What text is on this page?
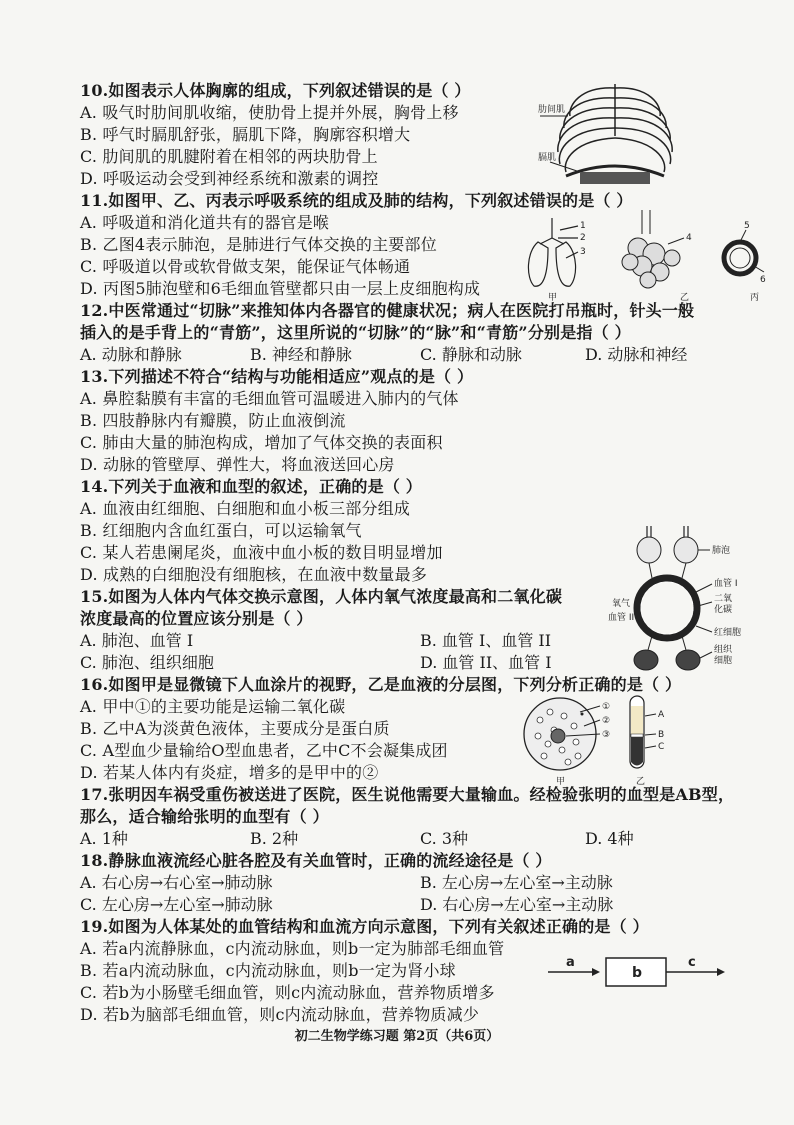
10.如图表示人体胸廓的组成，下列叙述错误的是（ ）
A. 吸气时肋间肌收缩，使肋骨上提并外展，胸骨上移
B. 呼气时膈肌舒张，膈肌下降，胸廓容积增大
C. 肋间肌的肌腱附着在相邻的两块肋骨上
D. 呼吸运动会受到神经系统和激素的调控
肋间肌
膈肌
11.如图甲、乙、丙表示呼吸系统的组成及肺的结构，下列叙述错误的是（ ）
A. 呼吸道和消化道共有的器官是喉
B. 乙图4表示肺泡，是肺进行气体交换的主要部位
C. 呼吸道以骨或软骨做支架，能保证气体畅通
D. 丙图5肺泡壁和6毛细血管壁都只由一层上皮细胞构成
1
2
3
甲
4
乙
5
6
丙
12.中医常通过“切脉”来推知体内各器官的健康状况；病人在医院打吊瓶时，针头一般
插入的是手背上的“青筋”，这里所说的“切脉”的“脉”和“青筋”分别是指（ ）
A. 动脉和静脉	B. 神经和静脉	C. 静脉和动脉	D. 动脉和神经
13.下列描述不符合“结构与功能相适应”观点的是（ ）
A. 鼻腔黏膜有丰富的毛细血管可温暖进入肺内的气体
B. 四肢静脉内有瓣膜，防止血液倒流
C. 肺由大量的肺泡构成，增加了气体交换的表面积
D. 动脉的管壁厚、弹性大，将血液送回心房
14.下列关于血液和血型的叙述，正确的是（ ）
A. 血液由红细胞、白细胞和血小板三部分组成
B. 红细胞内含血红蛋白，可以运输氧气
C. 某人若患阑尾炎，血液中血小板的数目明显增加
D. 成熟的白细胞没有细胞核，在血液中数量最多
肺泡
血管 I
二氧
化碳
红细胞
组织
细胞
氧气
血管 II
15.如图为人体内气体交换示意图，人体内氧气浓度最高和二氧化碳
浓度最高的位置应该分别是（ ）
A. 肺泡、血管 I	B. 血管 I、血管 II
C. 肺泡、组织细胞	D. 血管 II、血管 I
16.如图甲是显微镜下人血涂片的视野，乙是血液的分层图，下列分析正确的是（ ）
A. 甲中①的主要功能是运输二氧化碳
B. 乙中A为淡黄色液体，主要成分是蛋白质
C. A型血少量输给O型血患者，乙中C不会凝集成团
D. 若某人体内有炎症，增多的是甲中的②
①
②
③
甲
A
B
C
乙
17.张明因车祸受重伤被送进了医院，医生说他需要大量输血。经检验张明的血型是AB型，
那么，适合输给张明的血型有（ ）
A. 1种	B. 2种	C. 3种	D. 4种
18.静脉血液流经心脏各腔及有关血管时，正确的流经途径是（ ）
A. 右心房→右心室→肺动脉	B. 左心房→左心室→主动脉
C. 左心房→左心室→肺动脉	D. 右心房→左心室→主动脉
19.如图为人体某处的血管结构和血流方向示意图，下列有关叙述正确的是（ ）
A. 若a内流静脉血，c内流动脉血，则b一定为肺部毛细血管
B. 若a内流动脉血，c内流动脉血，则b一定为肾小球
C. 若b为小肠壁毛细血管，则c内流动脉血，营养物质增多
D. 若b为脑部毛细血管，则c内流动脉血，营养物质减少
a
b
c
初二生物学练习题 第2页（共6页）
